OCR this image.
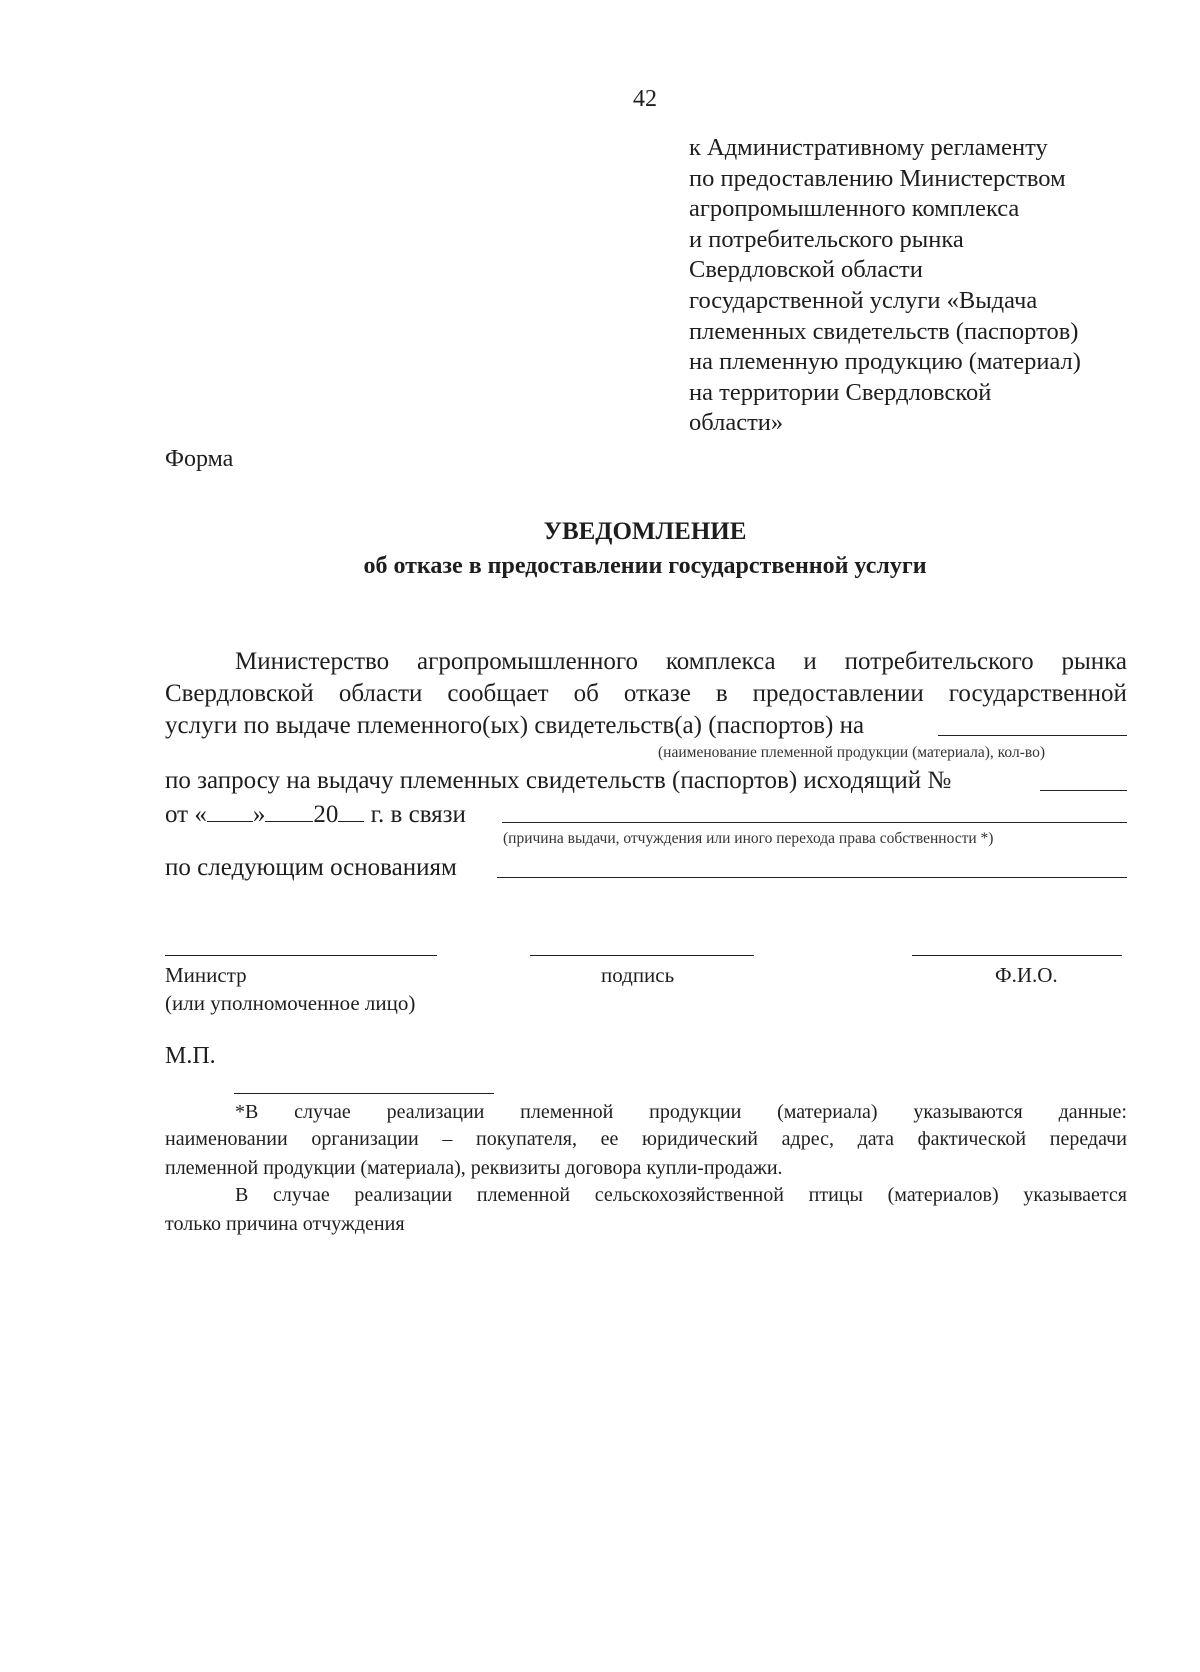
42
к Административному регламенту
по предоставлению Министерством
агропромышленного комплекса
и потребительского рынка
Свердловской области
государственной услуги «Выдача
племенных свидетельств (паспортов)
на племенную продукцию (материал)
на территории Свердловской
области»
Форма
УВЕДОМЛЕНИЕ
об отказе в предоставлении государственной услуги
Министерство агропромышленного комплекса и потребительского рынка
Свердловской области сообщает об отказе в предоставлении государственной
услуги по выдаче племенного(ых) свидетельств(а) (паспортов) на
(наименование племенной продукции (материала), кол-во)
по запросу на выдачу племенных свидетельств (паспортов) исходящий №
от « » 20 г. в связи
(причина выдачи, отчуждения или иного перехода права собственности *)
по следующим основаниям
Министр
(или уполномоченное лицо)
подпись	Ф.И.О.
М.П.
*В случае реализации племенной продукции (материала) указываются данные:
наименовании организации – покупателя, ее юридический адрес, дата фактической передачи
племенной продукции (материала), реквизиты договора купли-продажи.
В случае реализации племенной сельскохозяйственной птицы (материалов) указывается
только причина отчуждения
